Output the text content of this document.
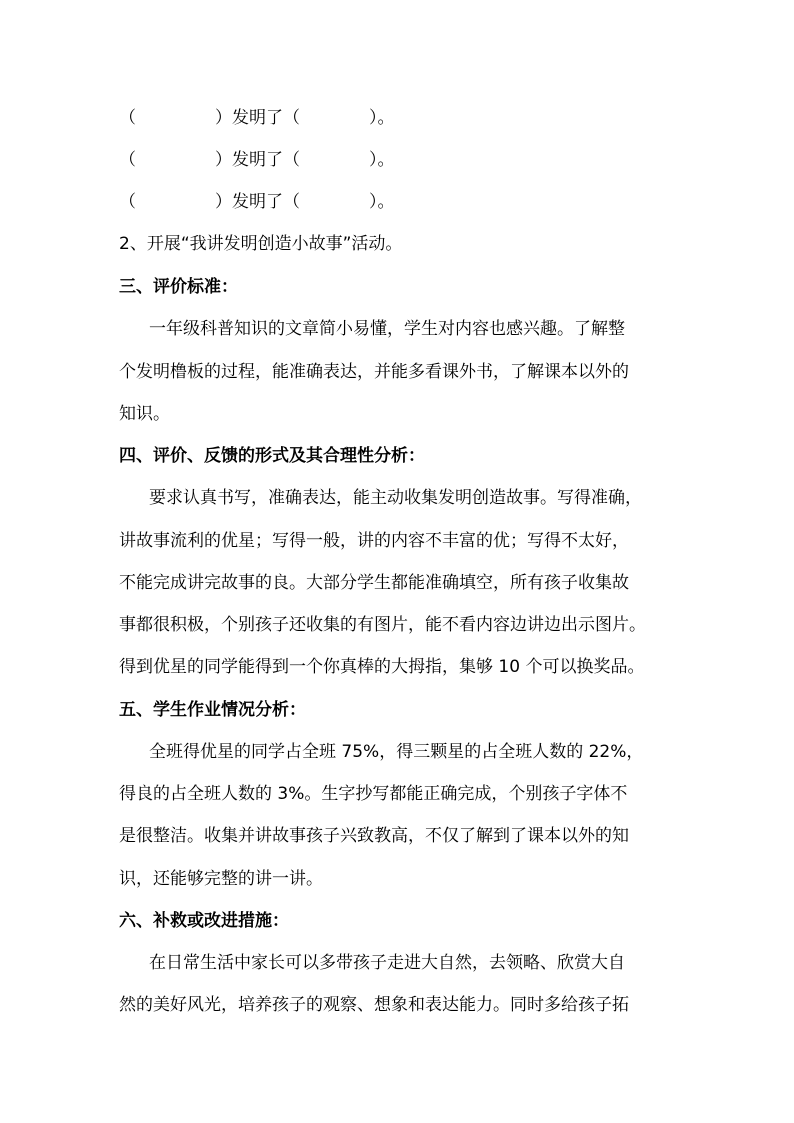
（	）发明了（	）。
（	）发明了（	）。
（	）发明了（	）。

2、开展“我讲发明创造小故事”活动。

三、评价标准：

一年级科普知识的文章简小易懂，学生对内容也感兴趣。了解整

个发明橹板的过程，能准确表达，并能多看课外书，了解课本以外的

知识。

四、评价、反馈的形式及其合理性分析：

要求认真书写，准确表达，能主动收集发明创造故事。写得准确，

讲故事流利的优星；写得一般，讲的内容不丰富的优；写得不太好，

不能完成讲完故事的良。大部分学生都能准确填空，所有孩子收集故

事都很积极，个别孩子还收集的有图片，能不看内容边讲边出示图片。

得到优星的同学能得到一个你真棒的大拇指，集够 10 个可以换奖品。

五、学生作业情况分析：

全班得优星的同学占全班 75%，得三颗星的占全班人数的 22%，

得良的占全班人数的 3%。生字抄写都能正确完成，个别孩子字体不

是很整洁。收集并讲故事孩子兴致教高，不仅了解到了课本以外的知

识，还能够完整的讲一讲。

六、补救或改进措施：

在日常生活中家长可以多带孩子走进大自然，去领略、欣赏大自

然的美好风光，培养孩子的观察、想象和表达能力。同时多给孩子拓
